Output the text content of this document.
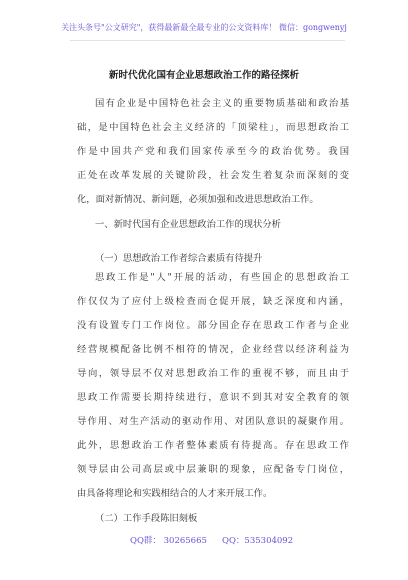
关注头条号"公文研究"，获得最新最全最专业的公文资料库！ 微信：gongwenyj
新时代优化国有企业思想政治工作的路径探析
国有企业是中国特色社会主义的重要物质基础和政治基
础，是中国特色社会主义经济的「顶梁柱」，而思想政治工
作是中国共产党和我们国家传承至今的政治优势。我国
正处在改革发展的关键阶段，社会发生着复杂而深刻的变
化，面对新情况、新问题，必须加强和改进思想政治工作。
一、新时代国有企业思想政治工作的现状分析
（一）思想政治工作者综合素质有待提升
思政工作是"人"开展的活动，有些国企的思想政治工
作仅仅为了应付上级检查而仓促开展，缺乏深度和内涵，
没有设置专门工作岗位。部分国企存在思政工作者与企业
经营规模配备比例不相符的情况，企业经营以经济利益为
导向，领导层不仅对思想政治工作的重视不够，而且由于
思政工作需要长期持续进行，意识不到其对安全教育的领
导作用、对生产活动的驱动作用、对团队意识的凝聚作用。
此外，思想政治工作者整体素质有待提高。存在思政工作
领导层由公司高层或中层兼职的现象，应配备专门岗位，
由具备将理论和实践相结合的人才来开展工作。
（二）工作手段陈旧刻板
QQ群： 30265665 QQ：535304092
